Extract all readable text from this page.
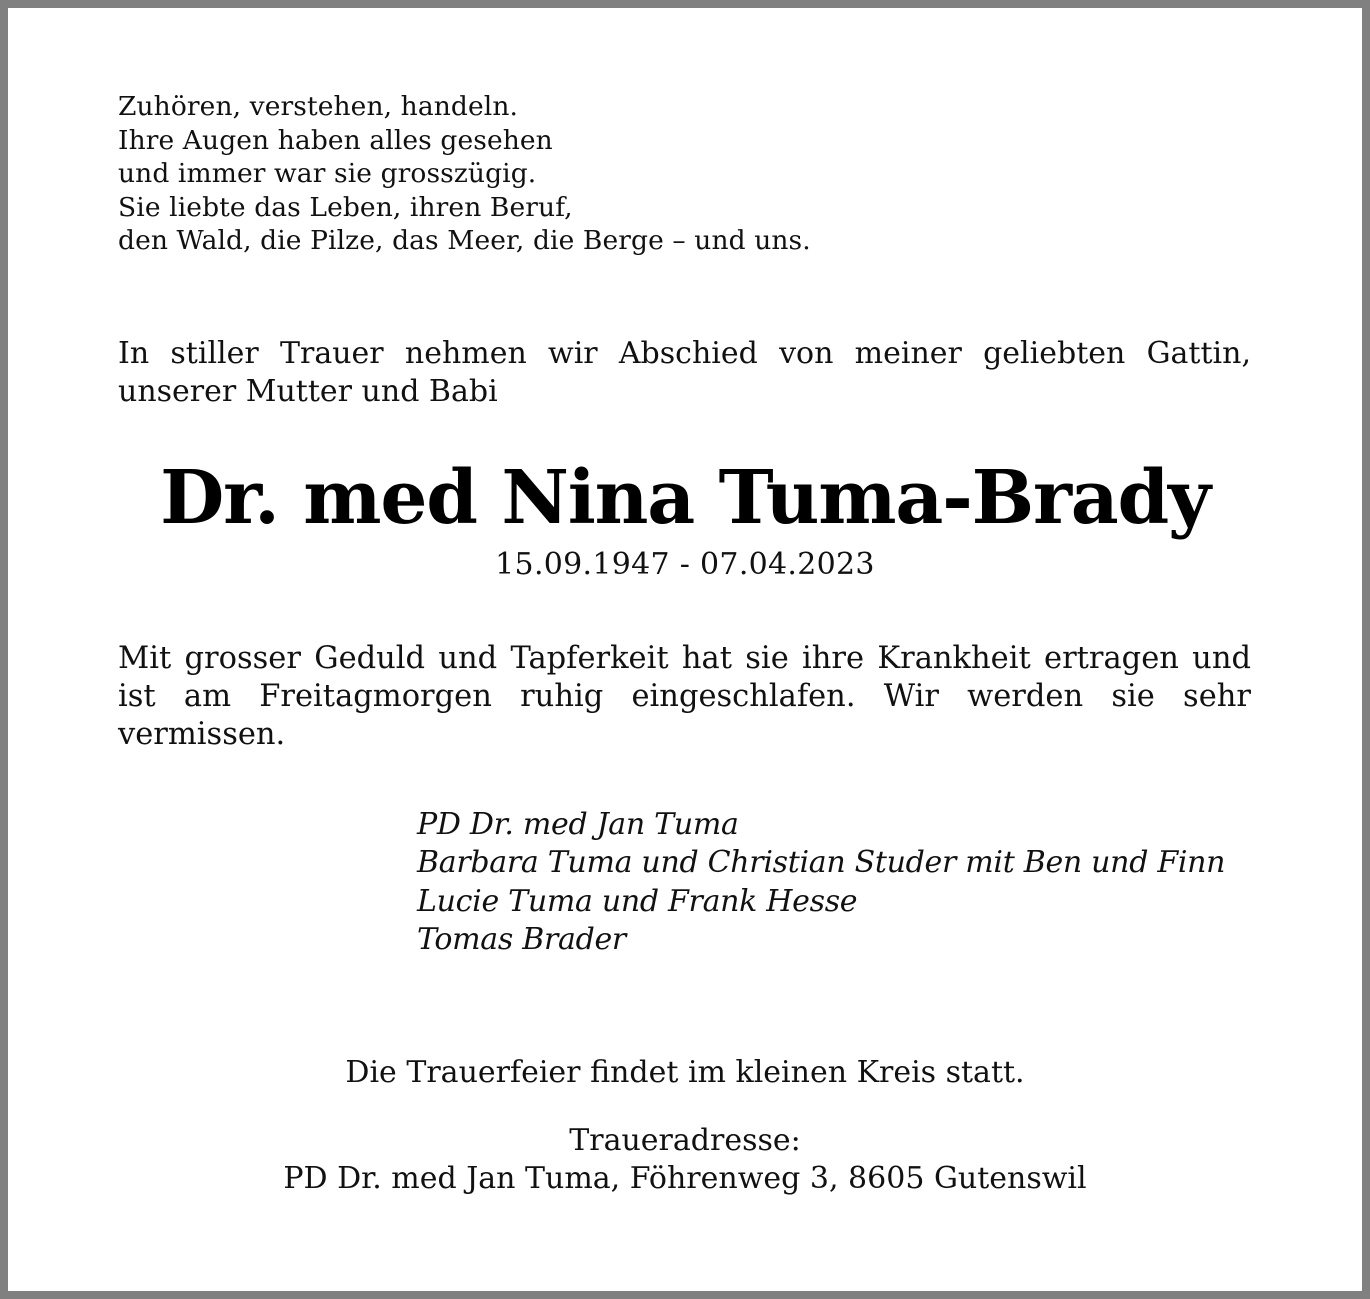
Zuhören, verstehen, handeln.
Ihre Augen haben alles gesehen
und immer war sie grosszügig.
Sie liebte das Leben, ihren Beruf,
den Wald, die Pilze, das Meer, die Berge – und uns.
In stiller Trauer nehmen wir Abschied von meiner geliebten Gattin, unserer Mutter und Babi
Dr. med Nina Tuma-Brady
15.09.1947 - 07.04.2023
Mit grosser Geduld und Tapferkeit hat sie ihre Krankheit ertragen und ist am Freitagmorgen ruhig eingeschlafen. Wir werden sie sehr vermissen.
PD Dr. med Jan Tuma
Barbara Tuma und Christian Studer mit Ben und Finn
Lucie Tuma und Frank Hesse
Tomas Brader
Die Trauerfeier findet im kleinen Kreis statt.
Traueradresse:
PD Dr. med Jan Tuma, Föhrenweg 3, 8605 Gutenswil
